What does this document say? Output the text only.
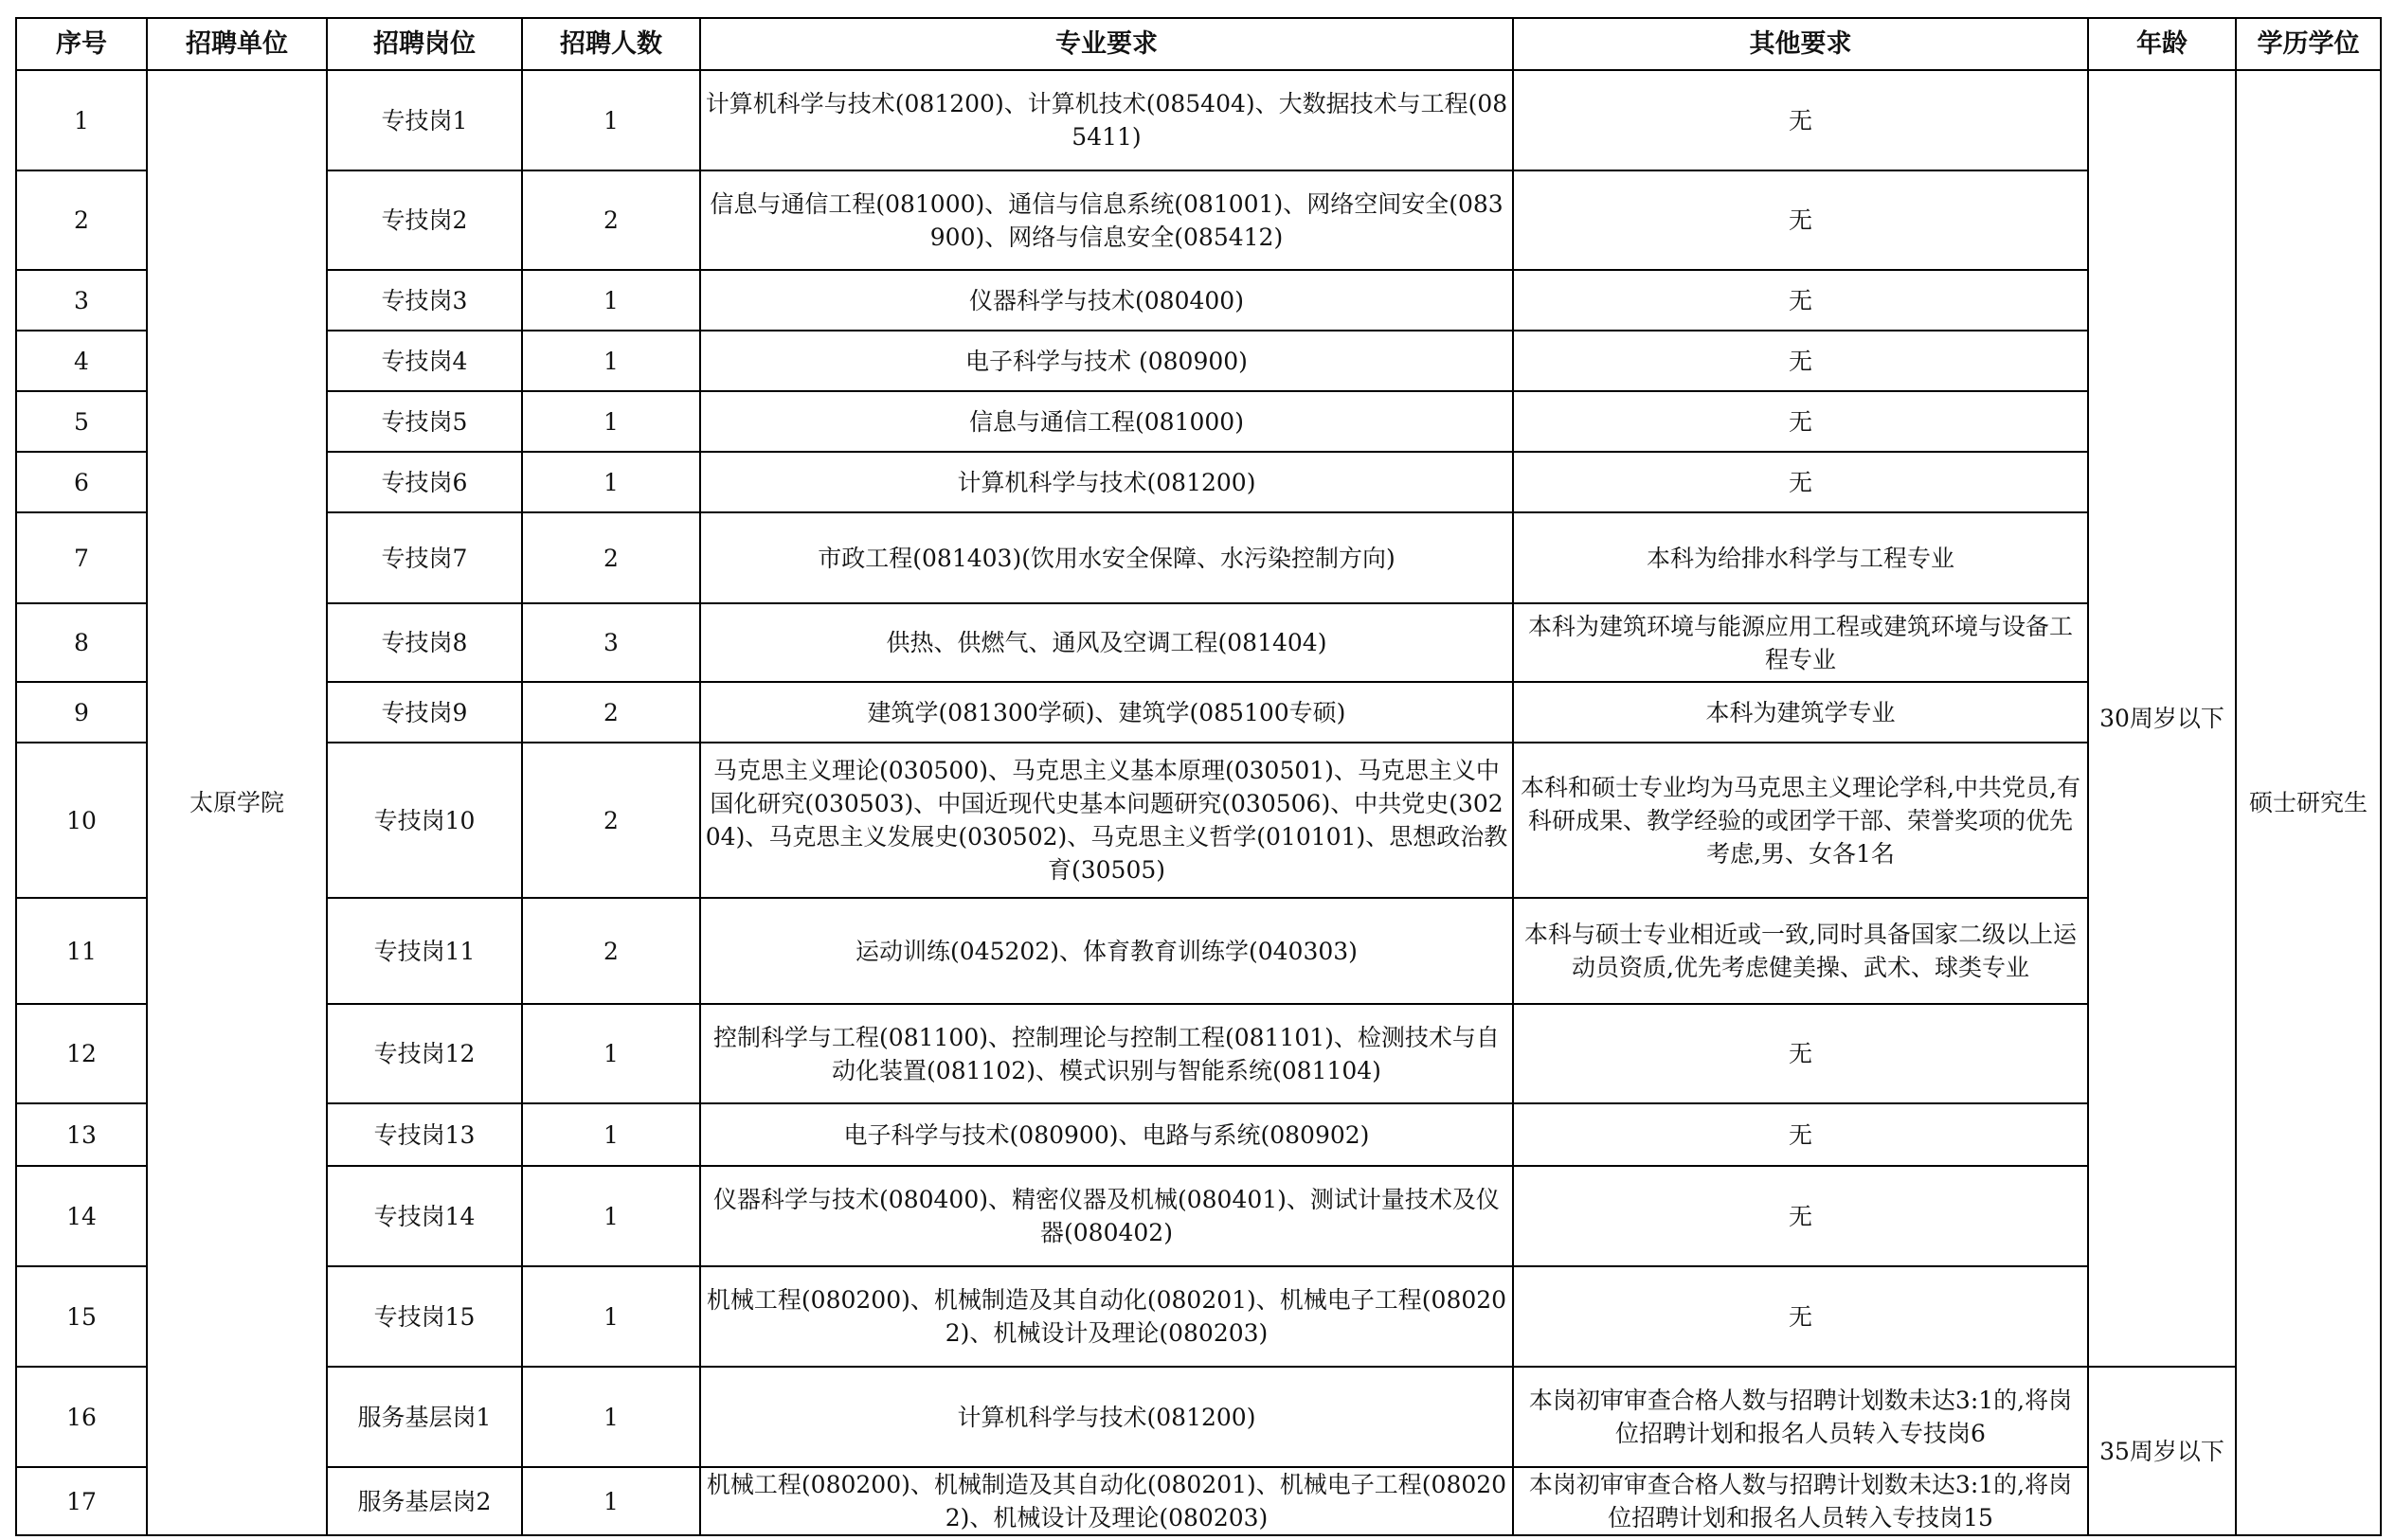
序号	招聘单位	招聘岗位	招聘人数	专业要求	其他要求	年龄	学历学位
1	太原学院	专技岗1	1	计算机科学与技术(081200)、计算机技术(085404)、大数据技术与工程(085411)	无	30周岁以下	硕士研究生
2		专技岗2	2	信息与通信工程(081000)、通信与信息系统(081001)、网络空间安全(083900)、网络与信息安全(085412)	无		
3		专技岗3	1	仪器科学与技术(080400)	无		
4		专技岗4	1	电子科学与技术 (080900)	无		
5		专技岗5	1	信息与通信工程(081000)	无		
6		专技岗6	1	计算机科学与技术(081200)	无		
7		专技岗7	2	市政工程(081403)(饮用水安全保障、水污染控制方向)	本科为给排水科学与工程专业		
8		专技岗8	3	供热、供燃气、通风及空调工程(081404)	本科为建筑环境与能源应用工程或建筑环境与设备工程专业		
9		专技岗9	2	建筑学(081300学硕)、建筑学(085100专硕)	本科为建筑学专业		
10		专技岗10	2	马克思主义理论(030500)、马克思主义基本原理(030501)、马克思主义中国化研究(030503)、中国近现代史基本问题研究(030506)、中共党史(30204)、马克思主义发展史(030502)、马克思主义哲学(010101)、思想政治教育(30505)	本科和硕士专业均为马克思主义理论学科,中共党员,有科研成果、教学经验的或团学干部、荣誉奖项的优先考虑,男、女各1名		
11		专技岗11	2	运动训练(045202)、体育教育训练学(040303)	本科与硕士专业相近或一致,同时具备国家二级以上运动员资质,优先考虑健美操、武术、球类专业		
12		专技岗12	1	控制科学与工程(081100)、控制理论与控制工程(081101)、检测技术与自动化装置(081102)、模式识别与智能系统(081104)	无		
13		专技岗13	1	电子科学与技术(080900)、电路与系统(080902)	无		
14		专技岗14	1	仪器科学与技术(080400)、精密仪器及机械(080401)、测试计量技术及仪器(080402)	无		
15		专技岗15	1	机械工程(080200)、机械制造及其自动化(080201)、机械电子工程(080202)、机械设计及理论(080203)	无		
16		服务基层岗1	1	计算机科学与技术(081200)	本岗初审审查合格人数与招聘计划数未达3:1的,将岗位招聘计划和报名人员转入专技岗6	35周岁以下	
17		服务基层岗2	1	机械工程(080200)、机械制造及其自动化(080201)、机械电子工程(080202)、机械设计及理论(080203)	本岗初审审查合格人数与招聘计划数未达3:1的,将岗位招聘计划和报名人员转入专技岗15		
